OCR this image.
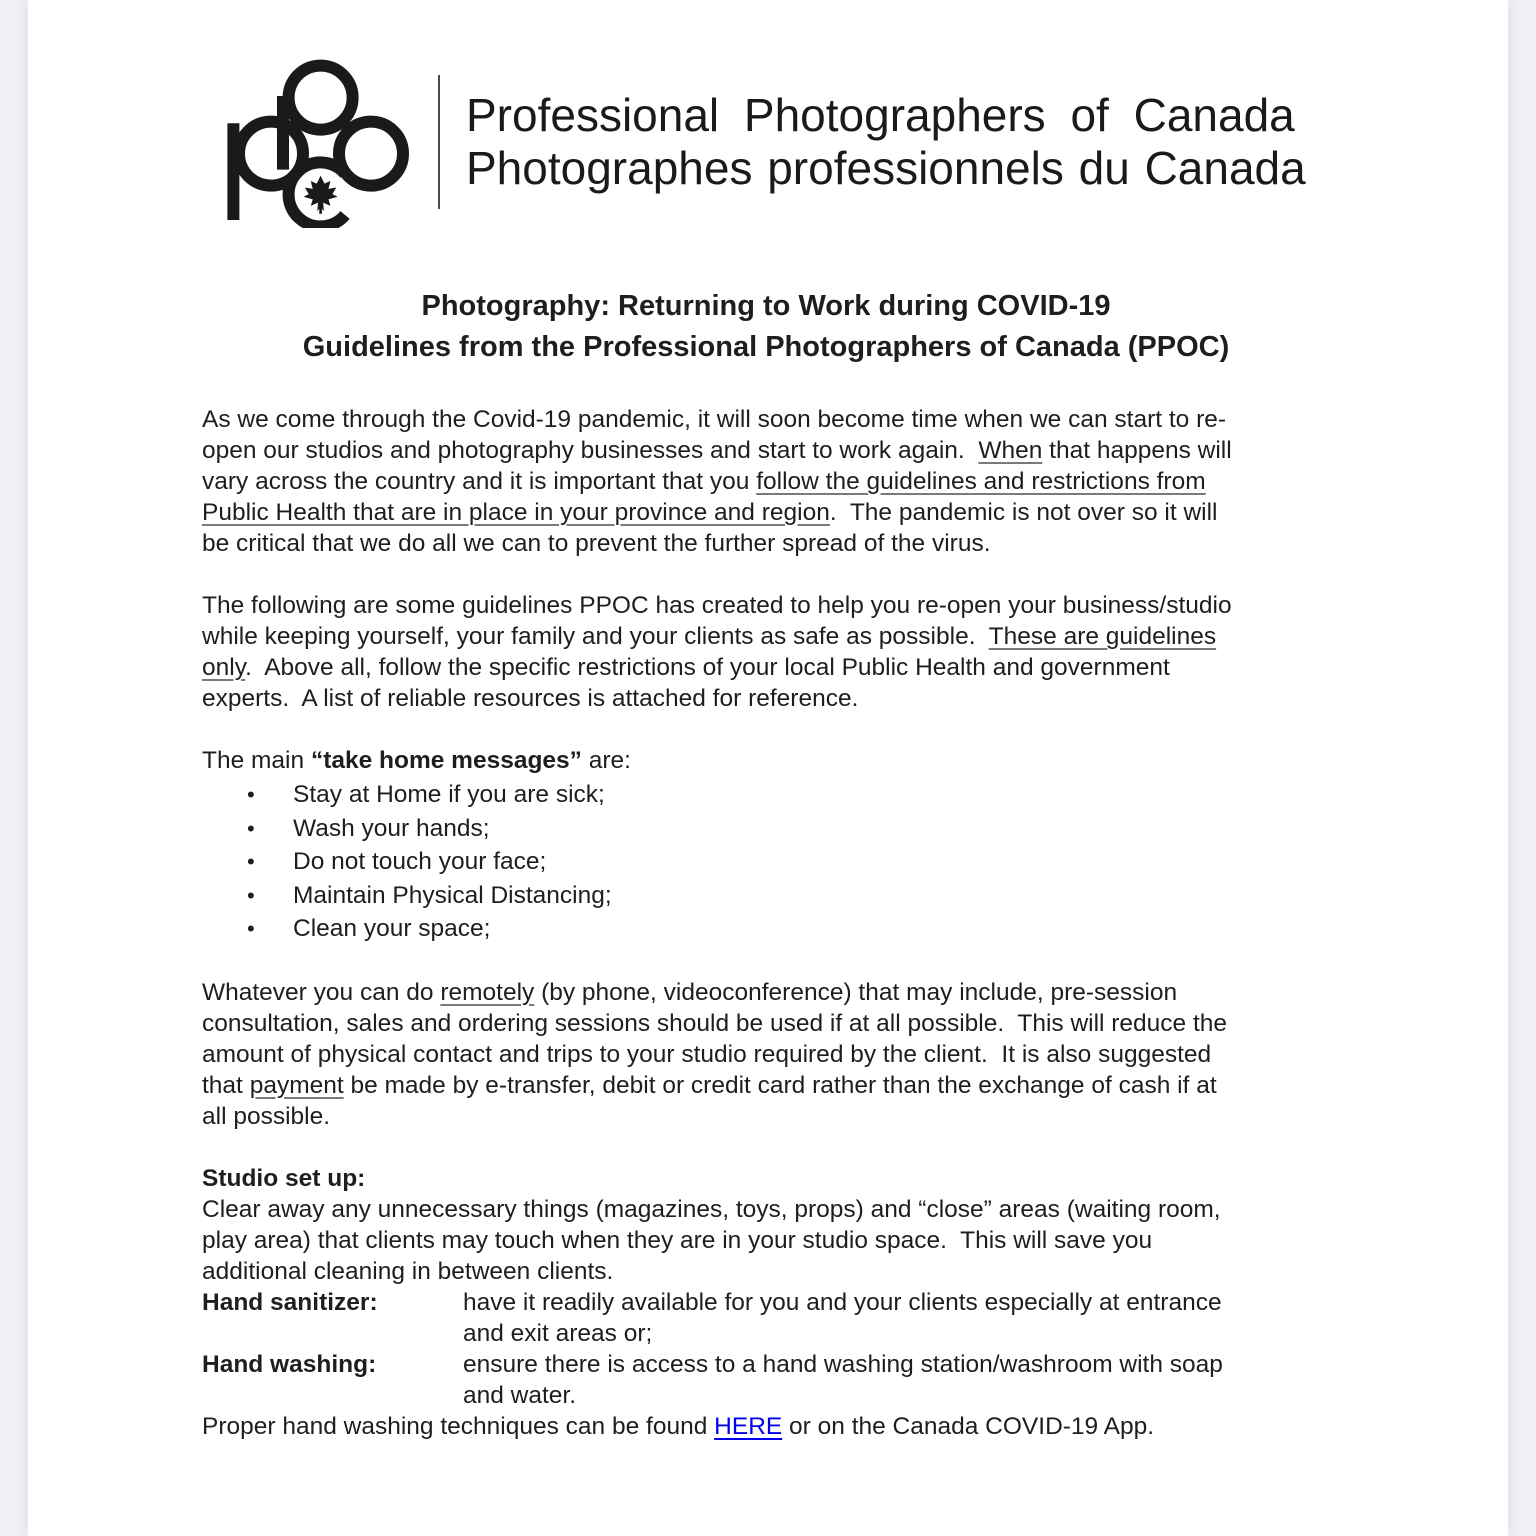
Professional Photographers of Canada
Photographes professionnels du Canada
Photography: Returning to Work during COVID-19
Guidelines from the Professional Photographers of Canada (PPOC)
As we come through the Covid-19 pandemic, it will soon become time when we can start to re-
open our studios and photography businesses and start to work again.  When that happens will
vary across the country and it is important that you follow the guidelines and restrictions from
Public Health that are in place in your province and region.  The pandemic is not over so it will
be critical that we do all we can to prevent the further spread of the virus.
The following are some guidelines PPOC has created to help you re-open your business/studio
while keeping yourself, your family and your clients as safe as possible.  These are guidelines
only.  Above all, follow the specific restrictions of your local Public Health and government
experts.  A list of reliable resources is attached for reference.
The main “take home messages” are:
•	Stay at Home if you are sick;
•	Wash your hands;
•	Do not touch your face;
•	Maintain Physical Distancing;
•	Clean your space;
Whatever you can do remotely (by phone, videoconference) that may include, pre-session
consultation, sales and ordering sessions should be used if at all possible.  This will reduce the
amount of physical contact and trips to your studio required by the client.  It is also suggested
that payment be made by e-transfer, debit or credit card rather than the exchange of cash if at
all possible.
Studio set up:
Clear away any unnecessary things (magazines, toys, props) and “close” areas (waiting room,
play area) that clients may touch when they are in your studio space.  This will save you
additional cleaning in between clients.
Hand sanitizer:	have it readily available for you and your clients especially at entrance
and exit areas or;
Hand washing:	ensure there is access to a hand washing station/washroom with soap
and water.
Proper hand washing techniques can be found HERE or on the Canada COVID-19 App.
